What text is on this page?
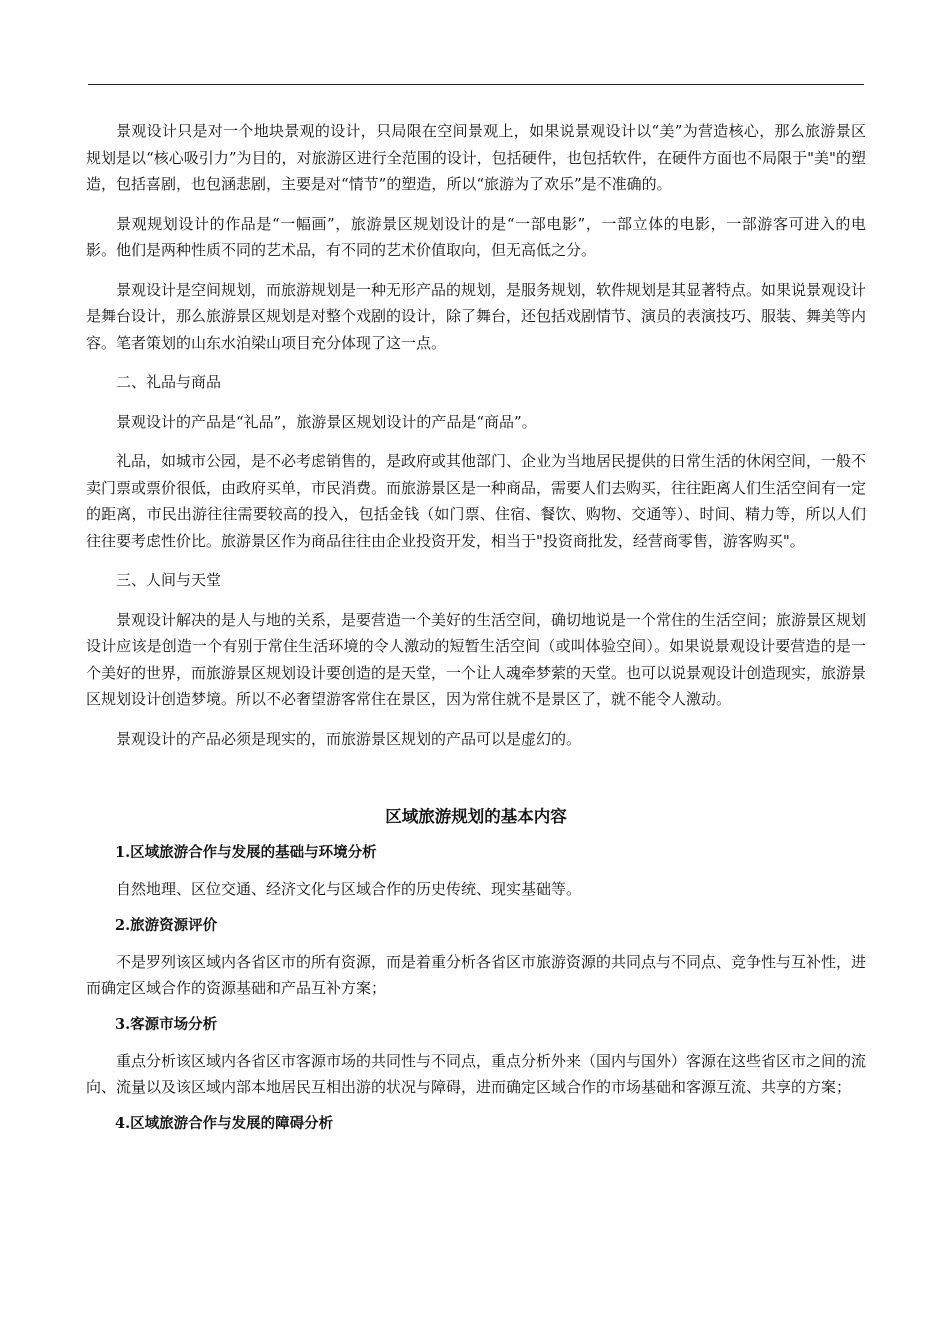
景观设计只是对一个地块景观的设计，只局限在空间景观上，如果说景观设计以“美”为营造核心，那么旅游景区规划是以“核心吸引力”为目的，对旅游区进行全范围的设计，包括硬件，也包括软件，在硬件方面也不局限于"美"的塑造，包括喜剧，也包涵悲剧，主要是对“情节”的塑造，所以“旅游为了欢乐”是不准确的。

景观规划设计的作品是“一幅画”，旅游景区规划设计的是“一部电影”，一部立体的电影，一部游客可进入的电影。他们是两种性质不同的艺术品，有不同的艺术价值取向，但无高低之分。

景观设计是空间规划，而旅游规划是一种无形产品的规划，是服务规划，软件规划是其显著特点。如果说景观设计是舞台设计，那么旅游景区规划是对整个戏剧的设计，除了舞台，还包括戏剧情节、演员的表演技巧、服装、舞美等内容。笔者策划的山东水泊梁山项目充分体现了这一点。

二、礼品与商品

景观设计的产品是“礼品”，旅游景区规划设计的产品是“商品”。

礼品，如城市公园，是不必考虑销售的，是政府或其他部门、企业为当地居民提供的日常生活的休闲空间，一般不卖门票或票价很低，由政府买单，市民消费。而旅游景区是一种商品，需要人们去购买，往往距离人们生活空间有一定的距离，市民出游往往需要较高的投入，包括金钱（如门票、住宿、餐饮、购物、交通等）、时间、精力等，所以人们往往要考虑性价比。旅游景区作为商品往往由企业投资开发，相当于"投资商批发，经营商零售，游客购买"。

三、人间与天堂

景观设计解决的是人与地的关系，是要营造一个美好的生活空间，确切地说是一个常住的生活空间；旅游景区规划设计应该是创造一个有别于常住生活环境的令人激动的短暂生活空间（或叫体验空间）。如果说景观设计要营造的是一个美好的世界，而旅游景区规划设计要创造的是天堂，一个让人魂牵梦萦的天堂。也可以说景观设计创造现实，旅游景区规划设计创造梦境。所以不必奢望游客常住在景区，因为常住就不是景区了，就不能令人激动。

景观设计的产品必须是现实的，而旅游景区规划的产品可以是虚幻的。

区域旅游规划的基本内容
1.区域旅游合作与发展的基础与环境分析

自然地理、区位交通、经济文化与区域合作的历史传统、现实基础等。

2.旅游资源评价

不是罗列该区域内各省区市的所有资源，而是着重分析各省区市旅游资源的共同点与不同点、竞争性与互补性，进而确定区域合作的资源基础和产品互补方案；

3.客源市场分析

重点分析该区域内各省区市客源市场的共同性与不同点，重点分析外来（国内与国外）客源在这些省区市之间的流向、流量以及该区域内部本地居民互相出游的状况与障碍，进而确定区域合作的市场基础和客源互流、共享的方案；

4.区域旅游合作与发展的障碍分析
